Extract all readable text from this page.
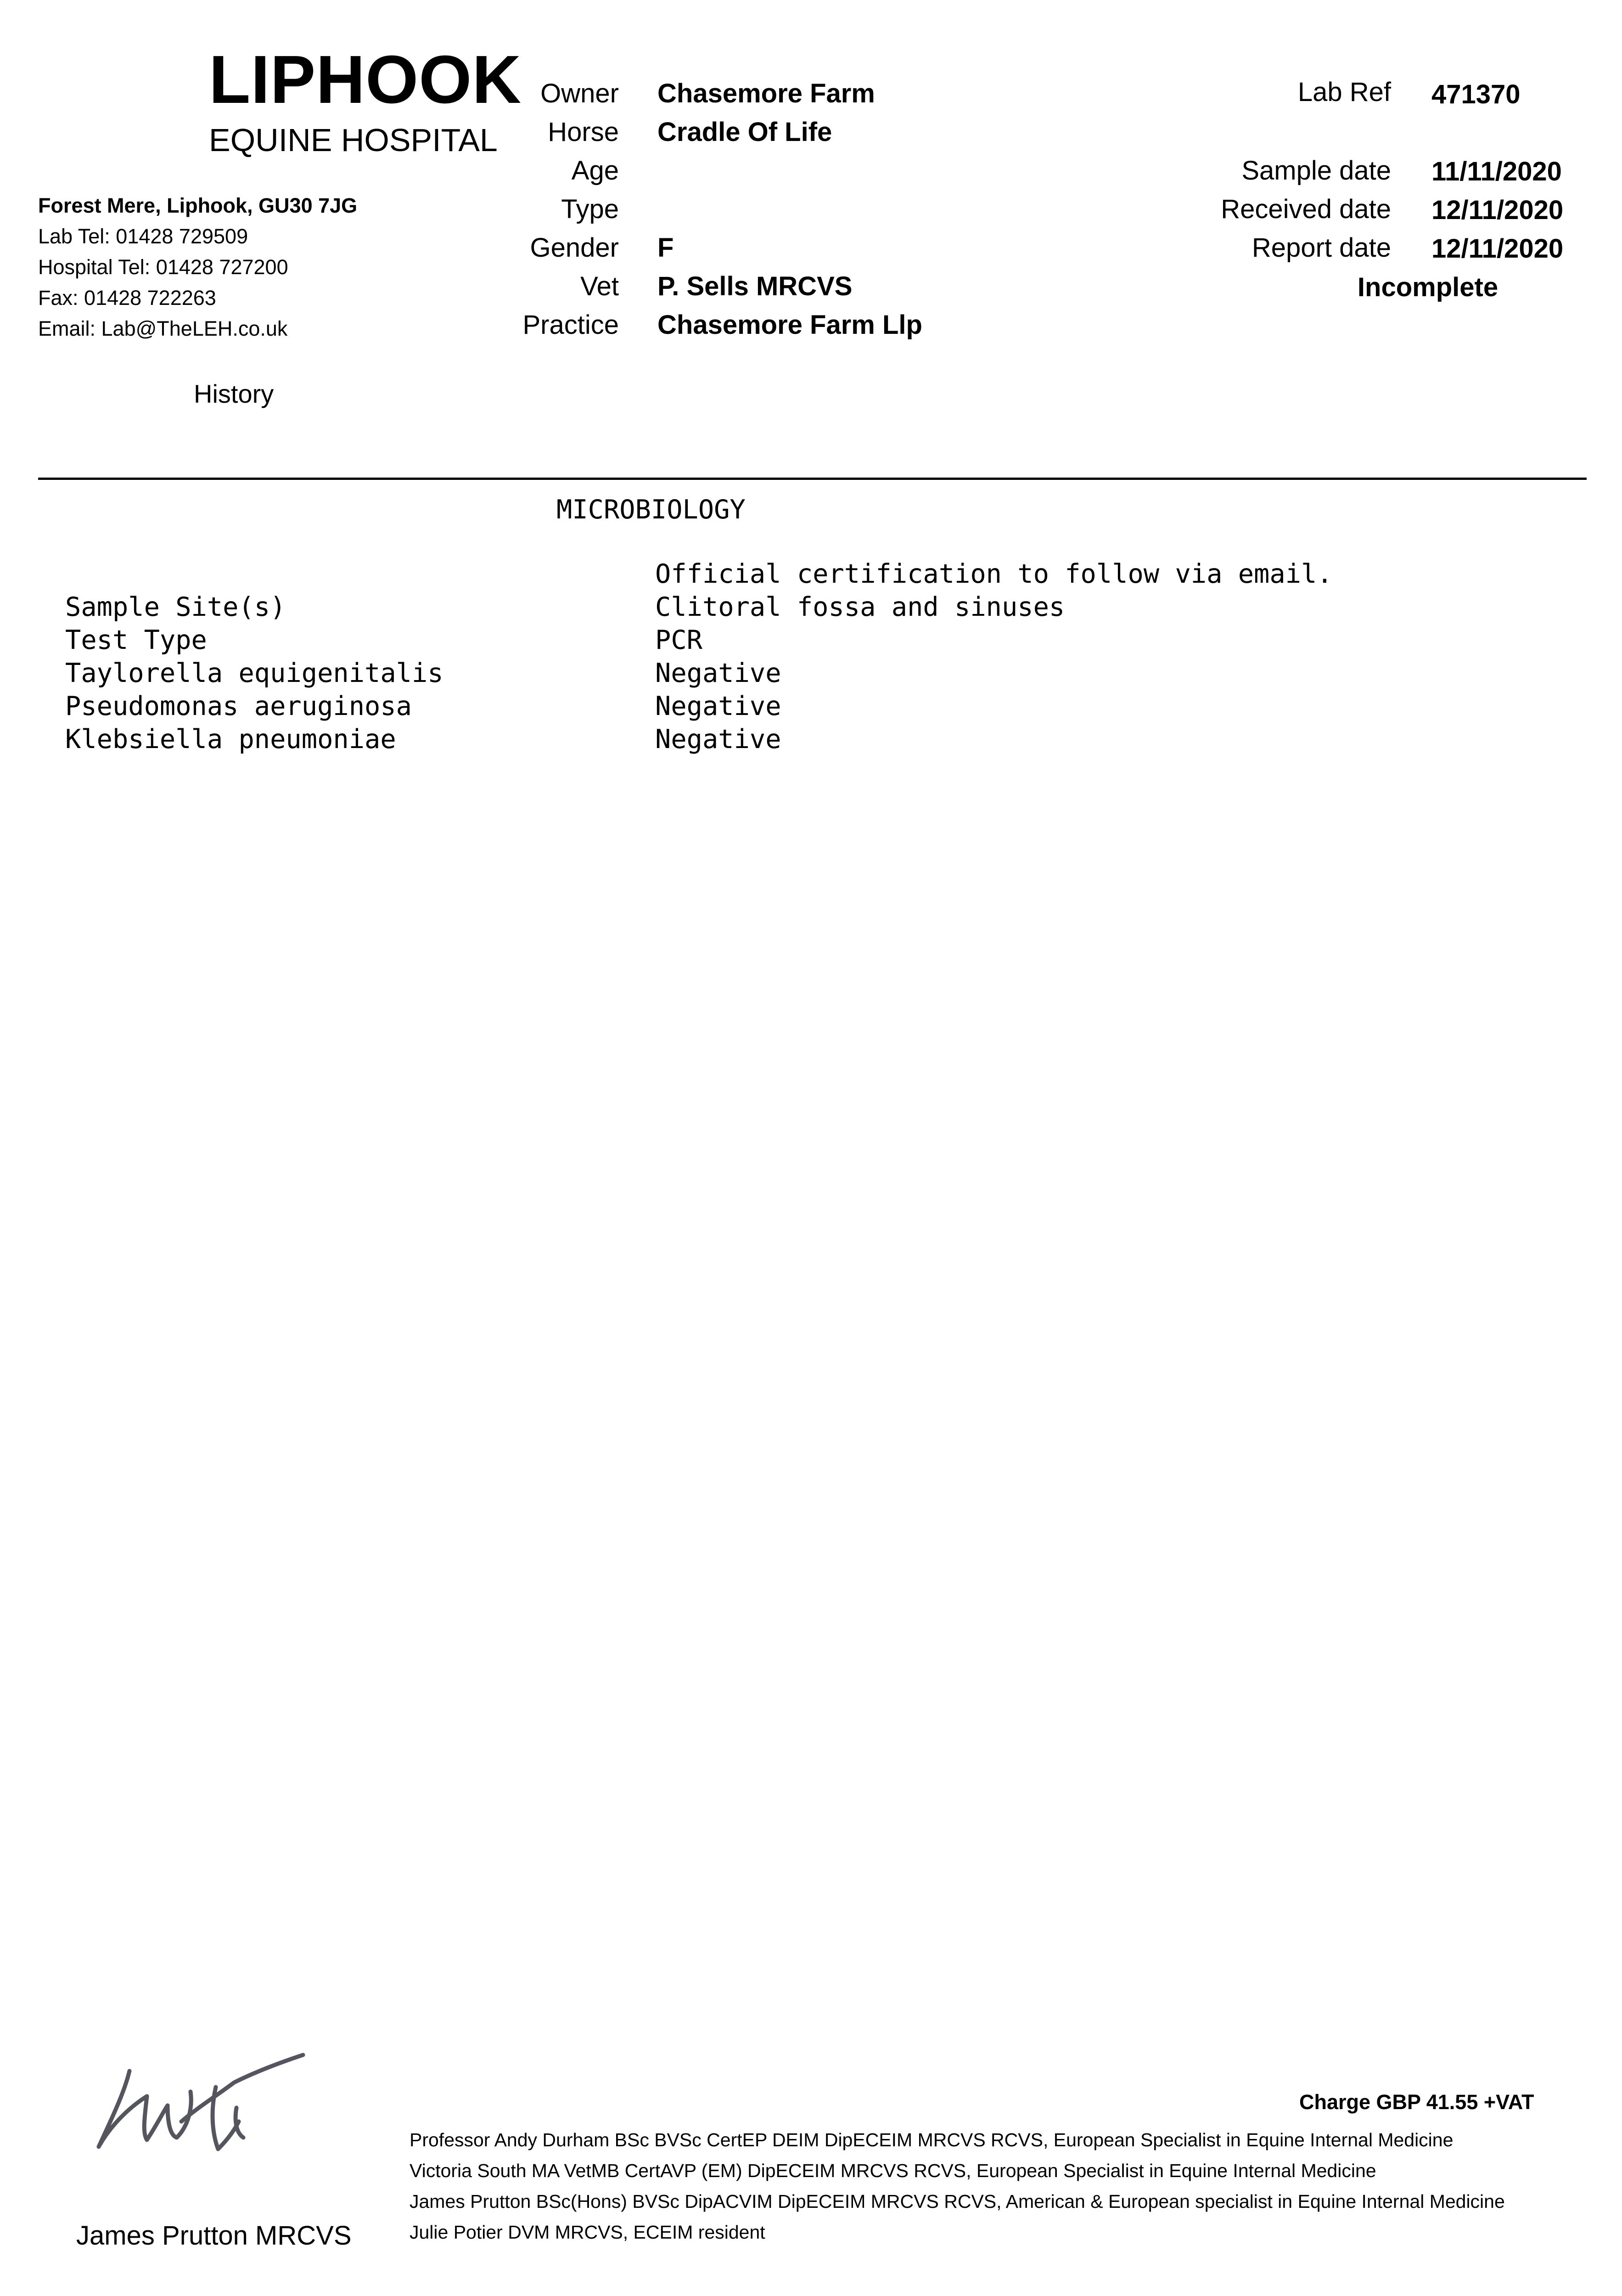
LIPHOOK
EQUINE HOSPITAL
Forest Mere, Liphook, GU30 7JG
Lab Tel: 01428 729509
Hospital Tel: 01428 727200
Fax: 01428 722263
Email: Lab@TheLEH.co.uk
History
Owner Chasemore Farm
Horse Cradle Of Life
Age
Type
Gender F
Vet P. Sells MRCVS
Practice Chasemore Farm Llp
Lab Ref 471370
Sample date 11/11/2020
Received date 12/11/2020
Report date 12/11/2020
Incomplete
MICROBIOLOGY
Official certification to follow via email.
Sample Site(s)	Clitoral fossa and sinuses
Test Type	PCR
Taylorella equigenitalis	Negative
Pseudomonas aeruginosa	Negative
Klebsiella pneumoniae	Negative
James Prutton MRCVS
Charge GBP 41.55 +VAT
Professor Andy Durham BSc BVSc CertEP DEIM DipECEIM MRCVS RCVS, European Specialist in Equine Internal Medicine
Victoria South MA VetMB CertAVP (EM) DipECEIM MRCVS RCVS, European Specialist in Equine Internal Medicine
James Prutton BSc(Hons) BVSc DipACVIM DipECEIM MRCVS RCVS, American & European specialist in Equine Internal Medicine
Julie Potier DVM MRCVS, ECEIM resident
